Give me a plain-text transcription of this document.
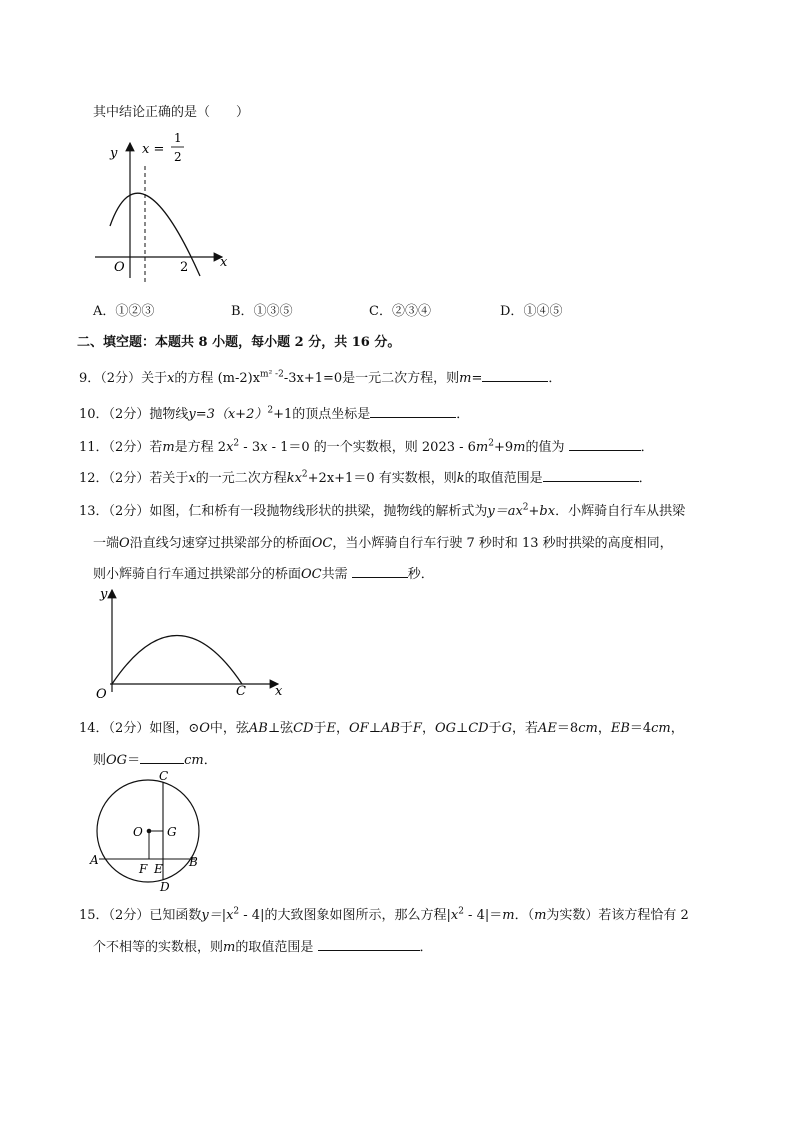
其中结论正确的是（　　）
y
x
O	2
x =
1
2
A．①②③	B．①③⑤	C．②③④	D．①④⑤
二、填空题：本题共 8 小题，每小题 2 分，共 16 分。
9．（2分）关于x的方程 $(m-2)x^{m^2 -2}-3x+1=0$是一元二次方程，则m=	．
10．（2分）抛物线$y=3(x+2)^2+1$的顶点坐标是	．
11．（2分）若m是方程 $2x^2 - 3x - 1=0$ 的一个实数根，则 $2023 - 6m^2+9m$的值为	．
12．（2分）若关于x的一元二次方程$kx^2+2x+1=0$ 有实数根，则k的取值范围是	．
13．（2分）如图，仁和桥有一段抛物线形状的拱梁，抛物线的解析式为$y=ax^2+bx$．小辉骑自行车从拱梁
一端O沿直线匀速穿过拱梁部分的桥面OC，当小辉骑自行车行驶 7 秒时和 13 秒时拱梁的高度相同，
则小辉骑自行车通过拱梁部分的桥面OC共需	秒．
y
x
O	C
14．（2分）如图，⊙O中，弦AB⊥弦CD于E，OF⊥AB于F，OG⊥CD于G，若AE＝8cm，EB＝4cm，
则OG＝	cm．
C
O G
A
F E B
D
15．（2分）已知函数$y=|x^2 - 4|$的大致图象如图所示，那么方程$|x^2 - 4|=m$．（m为实数）若该方程恰有 2
个不相等的实数根，则m的取值范围是	．
